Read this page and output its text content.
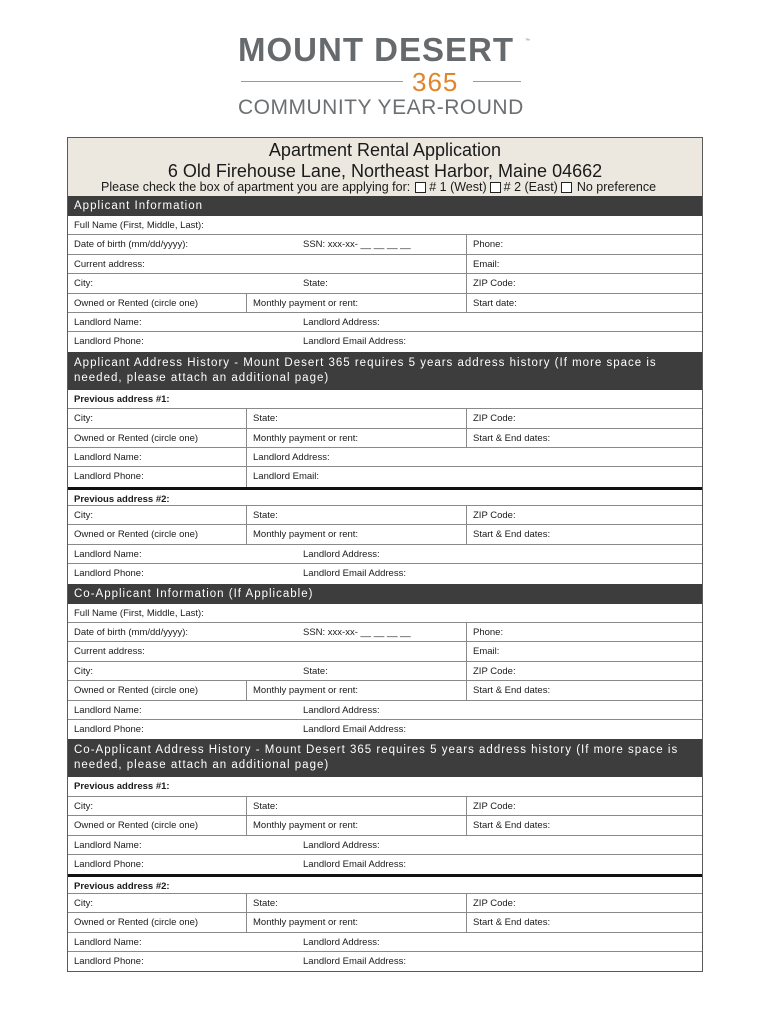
MOUNT DESERT	™
365
COMMUNITY YEAR-ROUND
Apartment Rental Application
6 Old Firehouse Lane, Northeast Harbor, Maine 04662
Please check the box of apartment you are applying for: # 1 (West) # 2 (East) No preference
Applicant Information
Full Name (First, Middle, Last):
Date of birth (mm/dd/yyyy):	SSN: xxx-xx- __ __ __ __	Phone:
Current address:	Email:
City:	State:	ZIP Code:
Owned or Rented (circle one)	Monthly payment or rent:	Start date:
Landlord Name:	Landlord Address:
Landlord Phone:	Landlord Email Address:
Applicant Address History - Mount Desert 365 requires 5 years address history (If more space is needed, please attach an additional page)
Previous address #1:
City:	State:	ZIP Code:
Owned or Rented (circle one)	Monthly payment or rent:	Start & End dates:
Landlord Name:	Landlord Address:
Landlord Phone:	Landlord Email:
Previous address #2:
City:	State:	ZIP Code:
Owned or Rented (circle one)	Monthly payment or rent:	Start & End dates:
Landlord Name:	Landlord Address:
Landlord Phone:	Landlord Email Address:
Co-Applicant Information (If Applicable)
Full Name (First, Middle, Last):
Date of birth (mm/dd/yyyy):	SSN: xxx-xx- __ __ __ __	Phone:
Current address:	Email:
City:	State:	ZIP Code:
Owned or Rented (circle one)	Monthly payment or rent:	Start & End dates:
Landlord Name:	Landlord Address:
Landlord Phone:	Landlord Email Address:
Co-Applicant Address History - Mount Desert 365 requires 5 years address history (If more space is needed, please attach an additional page)
Previous address #1:
City:	State:	ZIP Code:
Owned or Rented (circle one)	Monthly payment or rent:	Start & End dates:
Landlord Name:	Landlord Address:
Landlord Phone:	Landlord Email Address:
Previous address #2:
City:	State:	ZIP Code:
Owned or Rented (circle one)	Monthly payment or rent:	Start & End dates:
Landlord Name:	Landlord Address:
Landlord Phone:	Landlord Email Address:
